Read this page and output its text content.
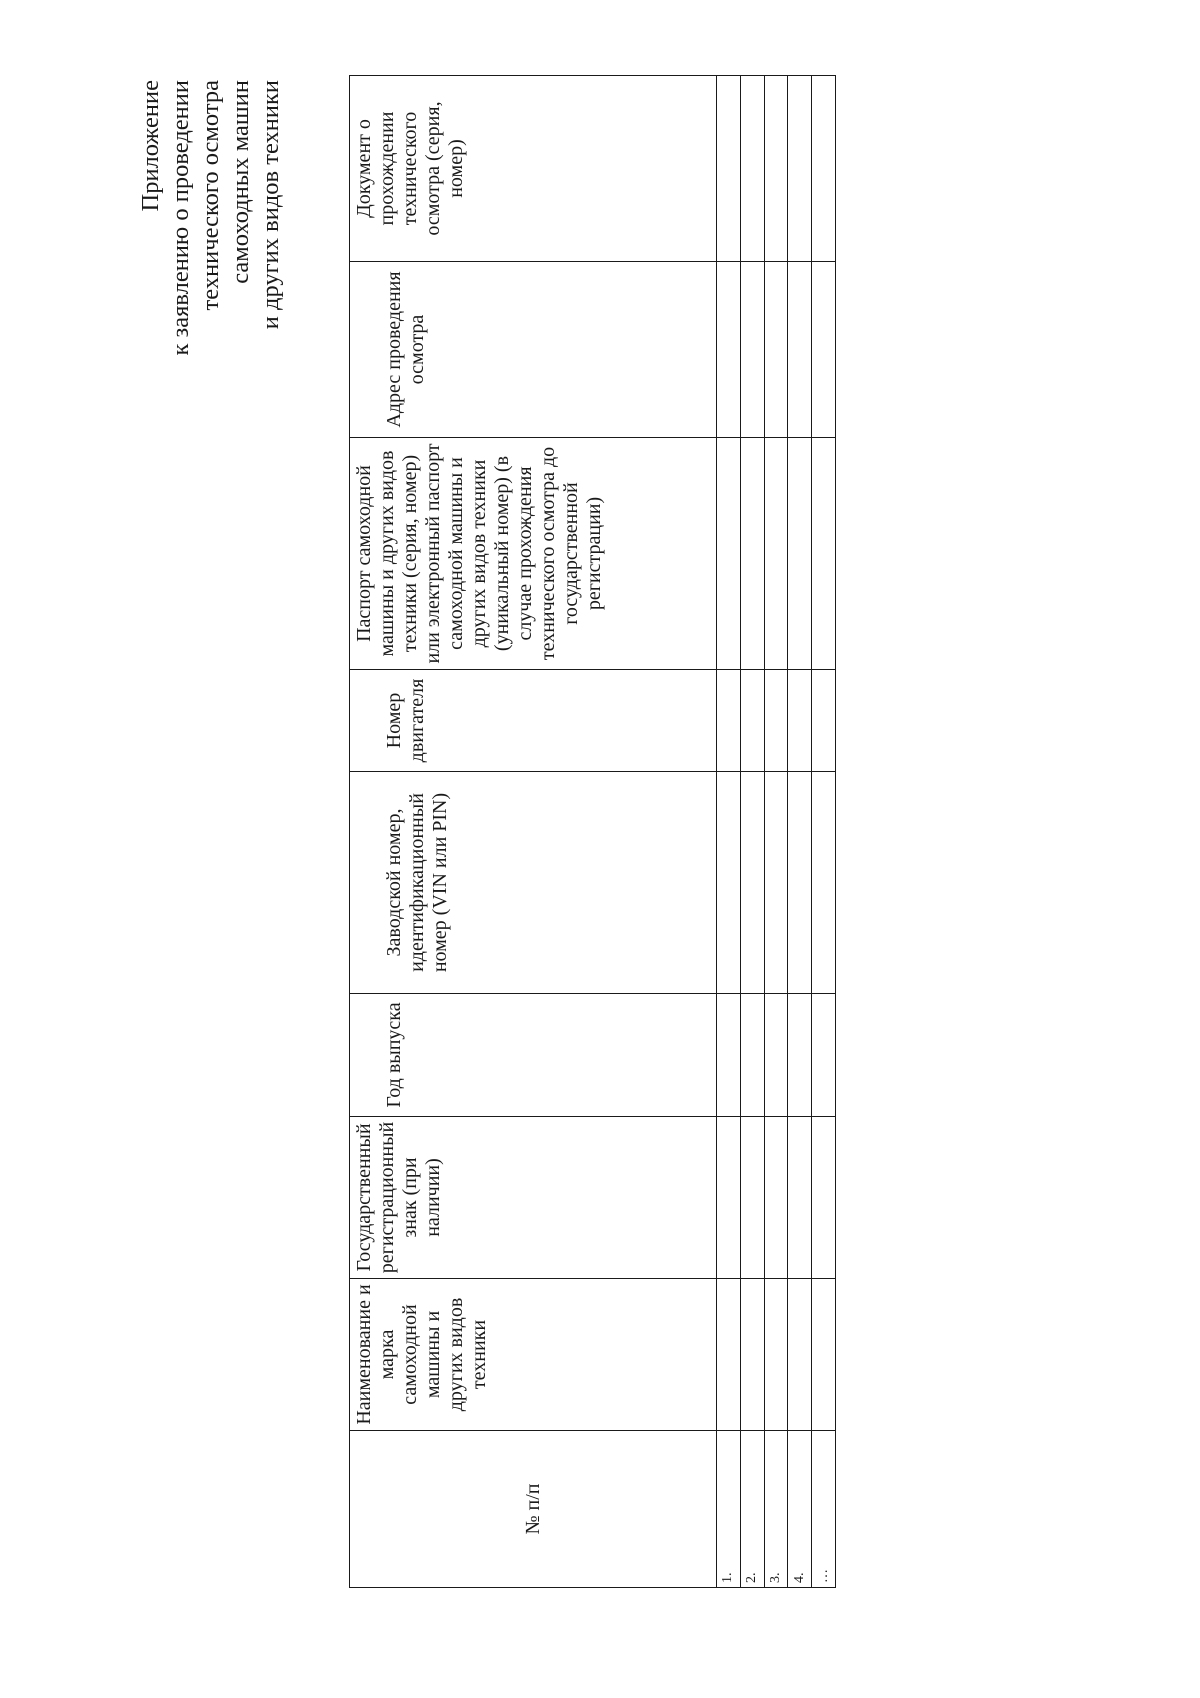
Приложение к заявлению о проведении технического осмотра самоходных машин и других видов техники
№ п/п	Наименование и марка самоходной машины и других видов техники	Государственный регистрационный знак (при наличии)	Год выпуска	Заводской номер, идентификационный номер (VIN или PIN)	Номер двигателя	Паспорт самоходной машины и других видов техники (серия, номер) или электронный паспорт самоходной машины и других видов техники (уникальный номер) (в случае прохождения технического осмотра до государственной регистрации)	Адрес проведения осмотра	Документ о прохождении технического осмотра (серия, номер)
1.								
2.								
3.								
4.								
…								
